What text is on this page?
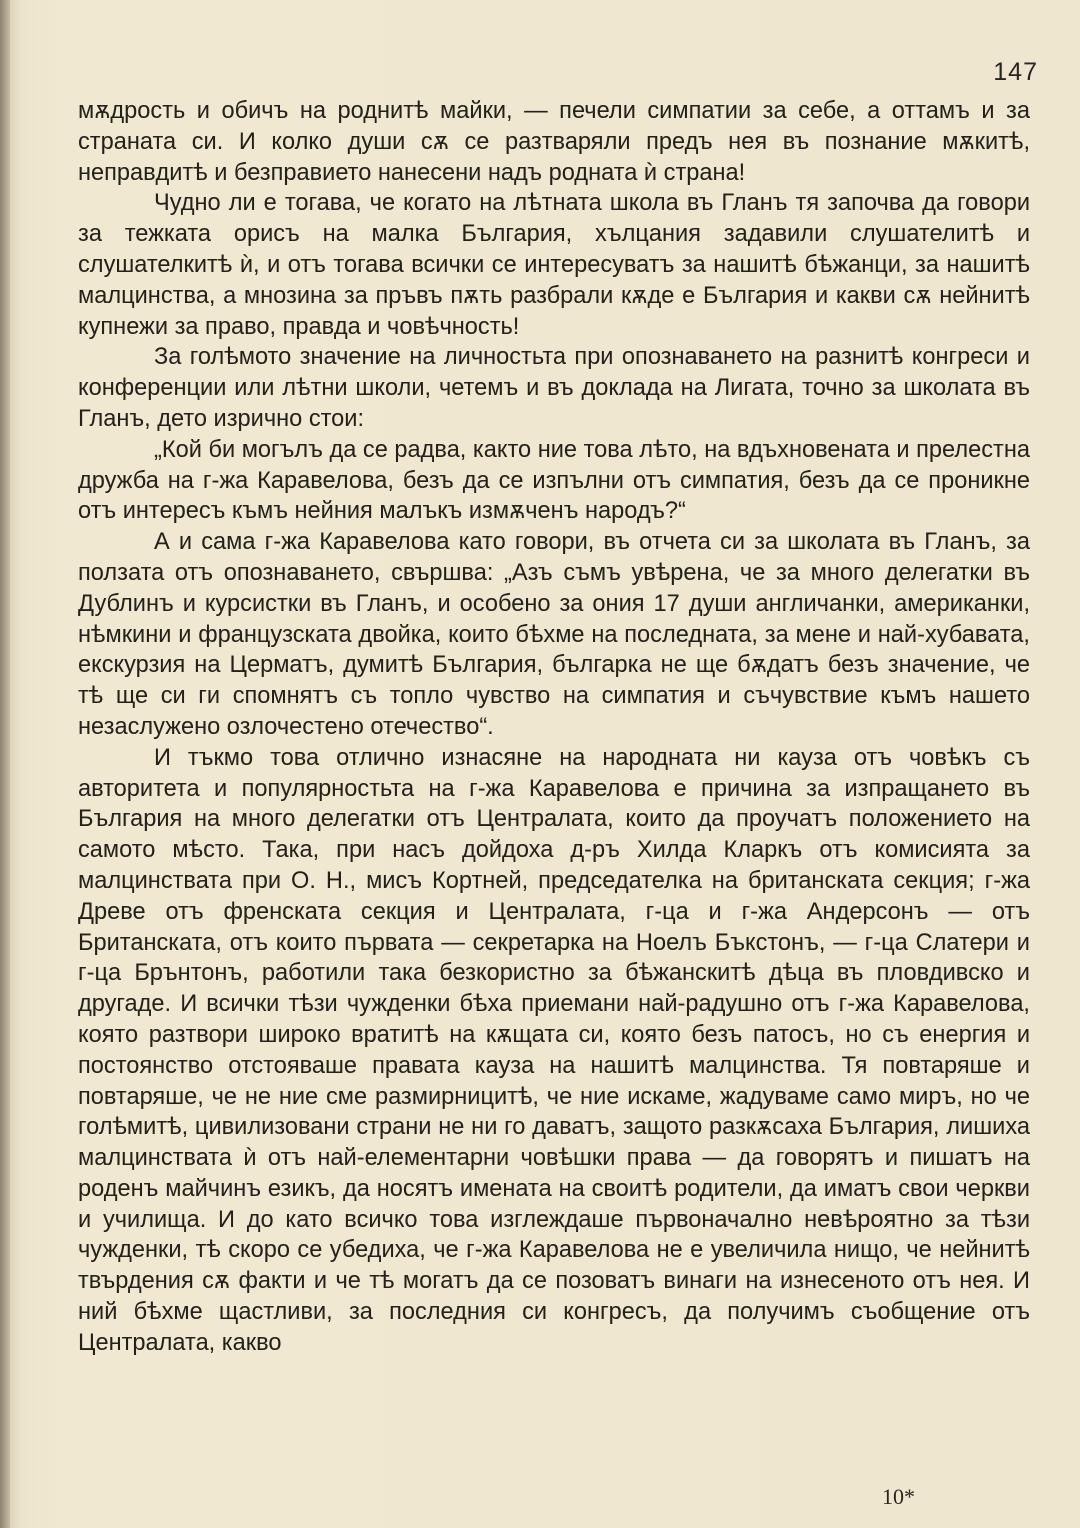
147

мѫдрость и обичъ на роднитѣ майки, — печели симпатии за себе, а оттамъ и за страната си. И колко души сѫ се разтваряли предъ нея въ познание мѫкитѣ, неправдитѣ и безправието нанесени надъ родната ѝ страна!

Чудно ли е тогава, че когато на лѣтната школа въ Гланъ тя започва да говори за тежката орисъ на малка България, хълцания задавили слушателитѣ и слушателкитѣ ѝ, и отъ тогава всички се интересуватъ за нашитѣ бѣжанци, за нашитѣ малцинства, а мнозина за пръвъ пѫть разбрали кѫде е България и какви сѫ нейнитѣ купнежи за право, правда и човѣчность!

За голѣмото значение на личностьта при опознаването на разнитѣ конгреси и конференции или лѣтни школи, четемъ и въ доклада на Лигата, точно за школата въ Гланъ, дето изрично стои:

„Кой би могълъ да се радва, както ние това лѣто, на вдъхновената и прелестна дружба на г-жа Каравелова, безъ да се изпълни отъ симпатия, безъ да се проникне отъ интересъ къмъ нейния малъкъ измѫченъ народъ?“

А и сама г-жа Каравелова като говори, въ отчета си за школата въ Гланъ, за ползата отъ опознаването, свършва: „Азъ съмъ увѣрена, че за много делегатки въ Дублинъ и курсистки въ Гланъ, и особено за ония 17 души англичанки, американки, нѣмкини и французската двойка, които бѣхме на последната, за мене и най-хубавата, екскурзия на Церматъ, думитѣ България, българка не ще бѫдатъ безъ значение, че тѣ ще си ги спомнятъ съ топло чувство на симпатия и съчувствие къмъ нашето незаслужено озлочестено отечество“.

И тъкмо това отлично изнасяне на народната ни кауза отъ човѣкъ съ авторитета и популярностьта на г-жа Каравелова е причина за изпращането въ България на много делегатки отъ Централата, които да проучатъ положението на самото мѣсто. Така, при насъ дойдоха д-ръ Хилда Кларкъ отъ комисията за малцинствата при О. Н., мисъ Кортней, председателка на британската секция; г-жа Древе отъ френската секция и Централата, г-ца и г-жа Андерсонъ — отъ Британската, отъ които първата — секретарка на Ноелъ Бъкстонъ, — г-ца Слатери и г-ца Брънтонъ, работили така безкористно за бѣжанскитѣ дѣца въ пловдивско и другаде. И всички тѣзи чужденки бѣха приемани най-радушно отъ г-жа Каравелова, която разтвори широко вратитѣ на кѫщата си, която безъ патосъ, но съ енергия и постоянство отстояваше правата кауза на нашитѣ малцинства. Тя повтаряше и повтаряше, че не ние сме размирницитѣ, че ние искаме, жадуваме само миръ, но че голѣмитѣ, цивилизовани страни не ни го даватъ, защото разкѫсаха България, лишиха малцинствата ѝ отъ най-елементарни човѣшки права — да говорятъ и пишатъ на роденъ майчинъ езикъ, да носятъ имената на своитѣ родители, да иматъ свои черкви и училища. И до като всичко това изглеждаше първоначално невѣроятно за тѣзи чужденки, тѣ скоро се убедиха, че г-жа Каравелова не е увеличила нищо, че нейнитѣ твърдения сѫ факти и че тѣ могатъ да се позоватъ винаги на изнесеното отъ нея. И ний бѣхме щастливи, за последния си конгресъ, да получимъ съобщение отъ Централата, какво

10*
